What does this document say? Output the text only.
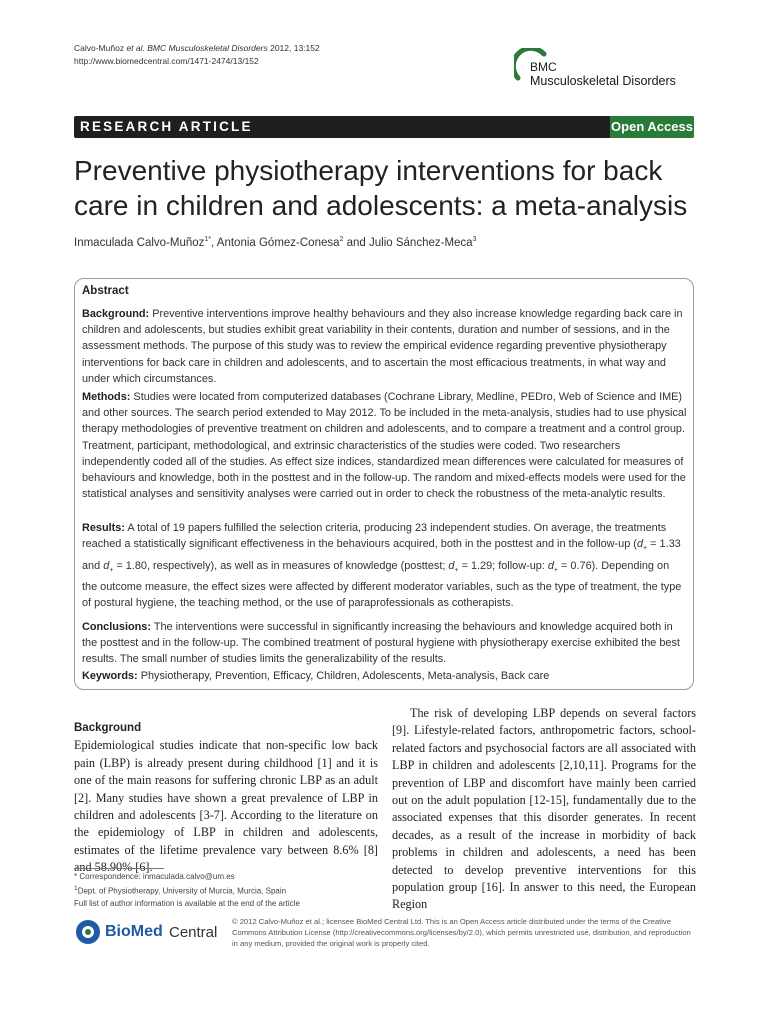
Calvo-Muñoz et al. BMC Musculoskeletal Disorders 2012, 13:152
http://www.biomedcentral.com/1471-2474/13/152	BMC
Musculoskeletal Disorders
RESEARCH ARTICLE	Open Access
Preventive physiotherapy interventions for back care in children and adolescents: a meta-analysis
Inmaculada Calvo-Muñoz$^{1*}$, Antonia Gómez-Conesa$^2$ and Julio Sánchez-Meca$^3$
Abstract

Background: Preventive interventions improve healthy behaviours and they also increase knowledge regarding back care in children and adolescents, but studies exhibit great variability in their contents, duration and number of sessions, and in the assessment methods. The purpose of this study was to review the empirical evidence regarding preventive physiotherapy interventions for back care in children and adolescents, and to ascertain the most efficacious treatments, in what way and under which circumstances.

Methods: Studies were located from computerized databases (Cochrane Library, Medline, PEDro, Web of Science and IME) and other sources. The search period extended to May 2012. To be included in the meta-analysis, studies had to use physical therapy methodologies of preventive treatment on children and adolescents, and to compare a treatment and a control group. Treatment, participant, methodological, and extrinsic characteristics of the studies were coded. Two researchers independently coded all of the studies. As effect size indices, standardized mean differences were calculated for measures of behaviours and knowledge, both in the posttest and in the follow-up. The random and mixed-effects models were used for the statistical analyses and sensitivity analyses were carried out in order to check the robustness of the meta-analytic results.

Results: A total of 19 papers fulfilled the selection criteria, producing 23 independent studies. On average, the treatments reached a statistically significant effectiveness in the behaviours acquired, both in the posttest and in the follow-up ($d_+ = 1.33$ and $d_+ = 1.80$, respectively), as well as in measures of knowledge (posttest; $d_+ = 1.29$; follow-up: $d_+ = 0.76$). Depending on the outcome measure, the effect sizes were affected by different moderator variables, such as the type of treatment, the type of postural hygiene, the teaching method, or the use of paraprofessionals as cotherapists.

Conclusions: The interventions were successful in significantly increasing the behaviours and knowledge acquired both in the posttest and in the follow-up. The combined treatment of postural hygiene with physiotherapy exercise exhibited the best results. The small number of studies limits the generalizability of the results.

Keywords: Physiotherapy, Prevention, Efficacy, Children, Adolescents, Meta-analysis, Back care

Background

Epidemiological studies indicate that non-specific low back pain (LBP) is already present during childhood [1] and it is one of the main reasons for suffering chronic LBP as an adult [2]. Many studies have shown a great prevalence of LBP in children and adolescents [3-7]. According to the literature on the epidemiology of LBP in children and adolescents, estimates of the lifetime prevalence vary between 8.6% [8] and 58.90% [6].

The risk of developing LBP depends on several factors [9]. Lifestyle-related factors, anthropometric factors, school-related factors and psychosocial factors are all associated with LBP in children and adolescents [2,10,11]. Programs for the prevention of LBP and discomfort have mainly been carried out on the adult population [12-15], fundamentally due to the associated expenses that this disorder generates. In recent decades, as a result of the increase in morbidity of back problems in children and adolescents, a need has been detected to develop preventive interventions for this population group [16]. In answer to this need, the European Region

* Correspondence: inmaculada.calvo@um.es
$^1$Dept. of Physiotherapy, University of Murcia, Murcia, Spain
Full list of author information is available at the end of the article
BioMed Central
© 2012 Calvo-Muñoz et al.; licensee BioMed Central Ltd. This is an Open Access article distributed under the terms of the Creative Commons Attribution License (http://creativecommons.org/licenses/by/2.0), which permits unrestricted use, distribution, and reproduction in any medium, provided the original work is properly cited.
